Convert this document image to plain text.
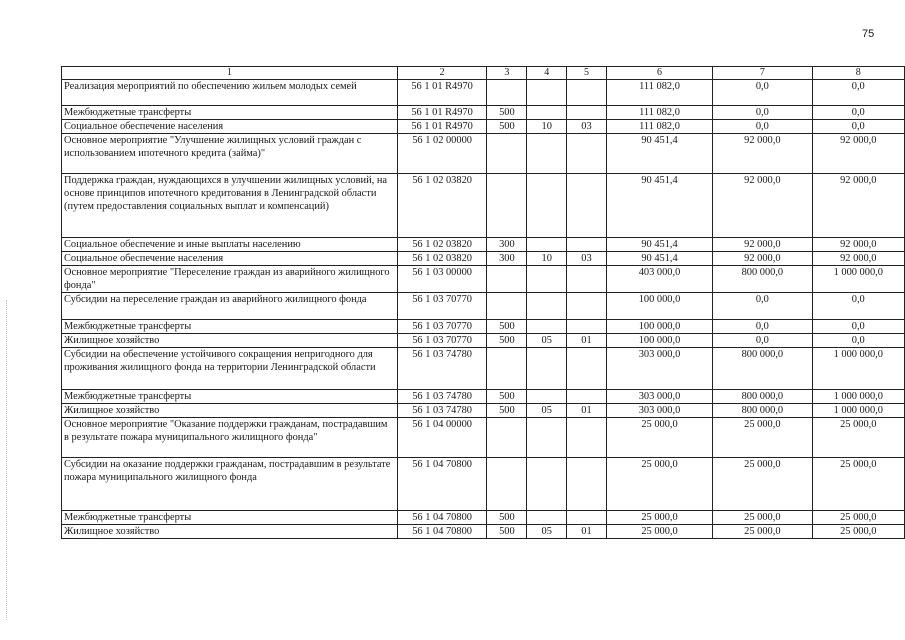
75
1	2	3	4	5	6	7	8
Реализация мероприятий по обеспечению жильем молодых семей	56 1 01 R4970				111 082,0	0,0	0,0
Межбюджетные трансферты	56 1 01 R4970	500			111 082,0	0,0	0,0
Социальное обеспечение населения	56 1 01 R4970	500	10	03	111 082,0	0,0	0,0
Основное мероприятие "Улучшение жилищных условий граждан с использованием ипотечного кредита (займа)"	56 1 02 00000				90 451,4	92 000,0	92 000,0
Поддержка граждан, нуждающихся в улучшении жилищных условий, на основе принципов ипотечного кредитования в Ленинградской области (путем предоставления социальных выплат и компенсаций)	56 1 02 03820				90 451,4	92 000,0	92 000,0
Социальное обеспечение и иные выплаты населению	56 1 02 03820	300			90 451,4	92 000,0	92 000,0
Социальное обеспечение населения	56 1 02 03820	300	10	03	90 451,4	92 000,0	92 000,0
Основное мероприятие "Переселение граждан из аварийного жилищного фонда"	56 1 03 00000				403 000,0	800 000,0	1 000 000,0
Субсидии на переселение граждан из аварийного жилищного фонда	56 1 03 70770				100 000,0	0,0	0,0
Межбюджетные трансферты	56 1 03 70770	500			100 000,0	0,0	0,0
Жилищное хозяйство	56 1 03 70770	500	05	01	100 000,0	0,0	0,0
Субсидии на обеспечение устойчивого сокращения непригодного для проживания жилищного фонда на территории Ленинградской области	56 1 03 74780				303 000,0	800 000,0	1 000 000,0
Межбюджетные трансферты	56 1 03 74780	500			303 000,0	800 000,0	1 000 000,0
Жилищное хозяйство	56 1 03 74780	500	05	01	303 000,0	800 000,0	1 000 000,0
Основное мероприятие "Оказание поддержки гражданам, пострадавшим в результате пожара муниципального жилищного фонда"	56 1 04 00000				25 000,0	25 000,0	25 000,0
Субсидии на оказание поддержки гражданам, пострадавшим в результате пожара муниципального жилищного фонда	56 1 04 70800				25 000,0	25 000,0	25 000,0
Межбюджетные трансферты	56 1 04 70800	500			25 000,0	25 000,0	25 000,0
Жилищное хозяйство	56 1 04 70800	500	05	01	25 000,0	25 000,0	25 000,0
